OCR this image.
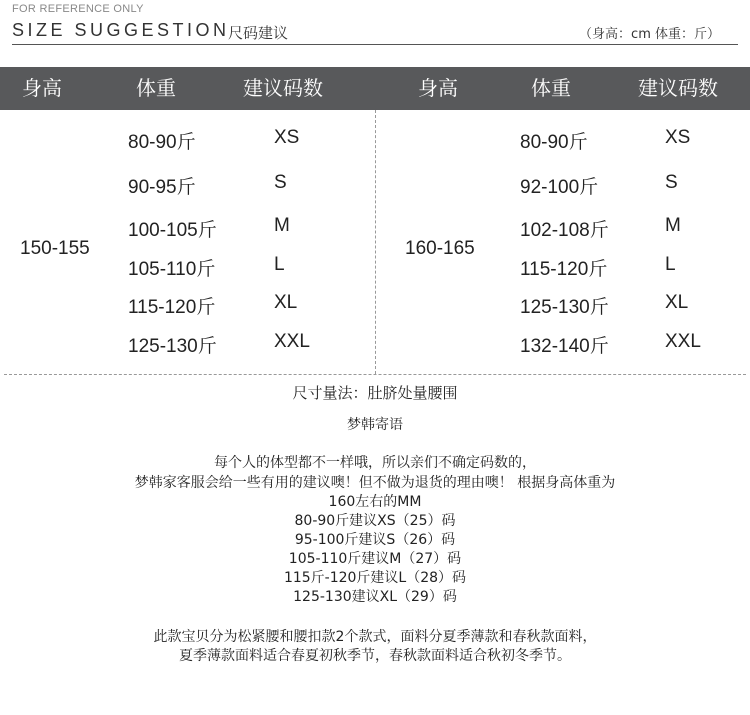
FOR REFERENCE ONLY
SIZE SUGGESTION
尺码建议	（身高：cm 体重：斤）
身高	体重	建议码数	身高	体重	建议码数
150-155
80-90斤	XS
90-95斤	S
100-105斤	M
105-110斤	L
115-120斤	XL
125-130斤	XXL
160-165
80-90斤	XS
92-100斤	S
102-108斤	M
115-120斤	L
125-130斤	XL
132-140斤	XXL
尺寸量法：肚脐处量腰围
梦韩寄语
每个人的体型都不一样哦，所以亲们不确定码数的，
梦韩家客服会给一些有用的建议噢！但不做为退货的理由噢！ 根据身高体重为
160左右的MM
80-90斤建议XS（25）码
95-100斤建议S（26）码
105-110斤建议M（27）码
115斤-120斤建议L（28）码
125-130建议XL（29）码
此款宝贝分为松紧腰和腰扣款2个款式，面料分夏季薄款和春秋款面料，
夏季薄款面料适合春夏初秋季节，春秋款面料适合秋初冬季节。
